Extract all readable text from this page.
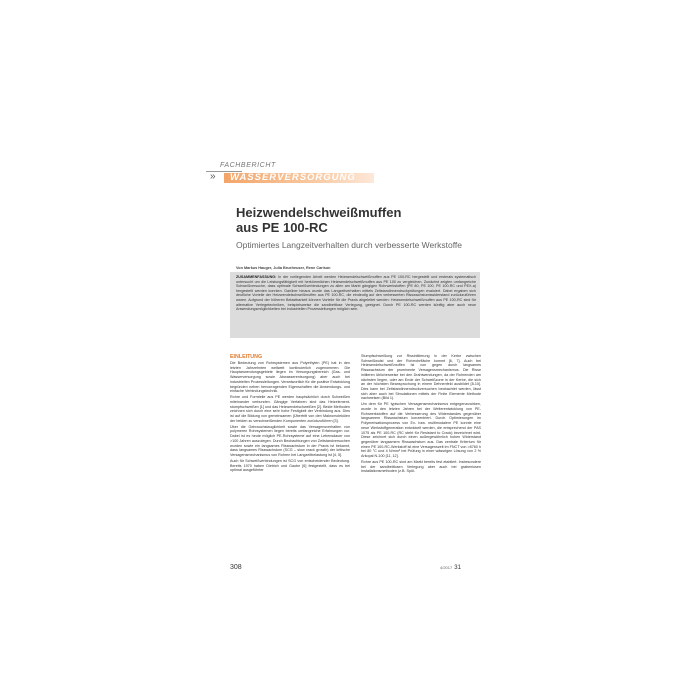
FACHBERICHT
» WASSERVERSORGUNG
Heizwendelschweißmuffen
aus PE 100-RC
Optimiertes Langzeitverhalten durch verbesserte Werkstoffe
Von Markus Hauger, Julia Brueheuser, Rene Carlson
ZUSAMMENFASSUNG: In der vorliegenden Arbeit werden Heizwendelschweißmuffen aus PE 100-RC hergestellt und erstmals systematisch untersucht um die Leistungsfähigkeit mit herkömmlichen Heizwendelschweißmuffen aus PE 100 zu vergleichen. Zunächst zeigten umfangreiche Schweißversuche, dass optimale Schweißverbindungen zu allen am Markt gängigen Rohrwerkstoffen (PE 80, PE 100, PE 100-RC und PEX-a) hergestellt werden konnten. Darüber hinaus wurde das Langzeitverhalten mittels Zeitstandinnendruckprüfungen evaluiert. Dabei ergaben sich deutliche Vorteile der Heizwendelschweißmuffen aus PE 100-RC, die eindeutig auf den verbesserten Risswachstumswiderstand zurückzuführen waren. Aufgrund der höheren Belastbarkeit können Vorteile für die Praxis abgeleitet werden: Heizwendelschweißmuffen aus PE 100-RC sind für alternative Verlegetechniken, beispielsweise die sandbettlose Verlegung, geeignet. Durch PE 100-RC werden künftig aber auch neue Anwendungsmöglichkeiten bei industriellen Prozessleitungen möglich sein.
EINLEITUNG

Die Bedeutung von Rohrsystemen aus Polyethylen (PE) hat in den letzten Jahrzehnten weltweit kontinuierlich zugenommen. Die Hauptanwendungsgebiete liegen im Versorgungsbereich (Gas- und Wasserversorgung sowie Abwasserentsorgung) aber auch bei industriellen Prozessleitungen. Verantwortlich für die positive Entwicklung begründen neben hervorragenden Eigenschaften die Anwendungs- und einfache Verbindungstechnik.

Rohre und Formteile aus PE werden hauptsächlich durch Schweißen miteinander verbunden. Gängige Verfahren sind das Heizelement-stumpfschweißen [1] und das Heizwendelschweißen [2]. Beide Methoden zeichnen sich durch eine sehr hohe Festigkeit der Verbindung aus. Dies ist auf die Bildung von gemeinsamen (Übertritt von den Makromolekülen der beiden zu verschweißenden Komponenten zurückzuführen [3].

Über die Gebrauchstauglichkeit sowie das Versagensverhalten von polymeren Rohrsystemen liegen bereits umfangreiche Erfahrungen vor. Dabei ist es heute möglich PE-Rohrsysteme auf eine Lebensdauer von >100 Jahren auszulegen. Durch Beobachtungen von Zeitstandversuchen wurden sowie ein langsames Risswachstum in der Praxis ist bekannt, dass langsames Risswachstum (SCG – slow crack growth) der kritische Versagensmechanismus von Rohren bei Langzeitbelastung ist [4, 5].

Auch für Schweißverbindungen ist SCG von entscheidender Bedeutung. Bereits 1970 haben Dietrich und Gaube [6] festgestellt, dass es bei optimal ausgeführter

Stumpfschweißung zur Rissinitiierung in der Kerbe zwischen Schweißwulst und der Rohrrohrfläche kommt [6, 7]. Auch bei Heizwendelschweißmuffen ist von gegen durch langsames Risswachstum der prominente Versagensmechanismus. Die Risse initiieren üblicherweise bei den Drahtwendungen, da der Rohrenden am nächsten liegen, oder am Ende der Schweißzone in der Kerbe, die sich an der höchsten Beanspruchung in einem Dehnenfeld ausbildet [8-10]. Dies kann bei Zeitstandinnendruckversuchen beobachtet werden, lässt sich aber auch bei Simulationen mittels der Finite Elemente Methode nachweisen (Bild 1).

Um dem für PE typischen Versagensmechanismus entgegenzuwirken, wurde in den letzten Jahren bei der Weiterentwicklung von PE-Rohrwerkstoffen auf die Verbesserung des Widerstandes gegenüber langsamem Risswachstum konzentriert. Durch Optimierungen im Polymerisationsprozess von Ex- bzw. multimodalem PE konnte eine neue Werkstoffgeneration entwickelt werden, die entsprechend der PAS 1075 als PE 100-RC (RC steht für Resistant to Crack) bezeichnet wird. Diese zeichnet sich durch einen außergewöhnlich hohen Widerstand gegenüber langsamem Risswachstum aus. Das zentrale Kriterium für einen PE 100-RC-Werkstoff ist eine Versagenszeit im FNCT von >8760 h bei 80 °C und 4 N/mm² bei Prüfung in einer wässrigen Lösung von 2 % Arkopal N-100 [11, 12].

Rohre aus PE 100-RC sind am Markt bereits fest etabliert. Insbesondere bei der sandbettlosen Verlegung aber auch bei grabenlosen Installationsmethoden (z.B. Spül-

308	4/2017 31
